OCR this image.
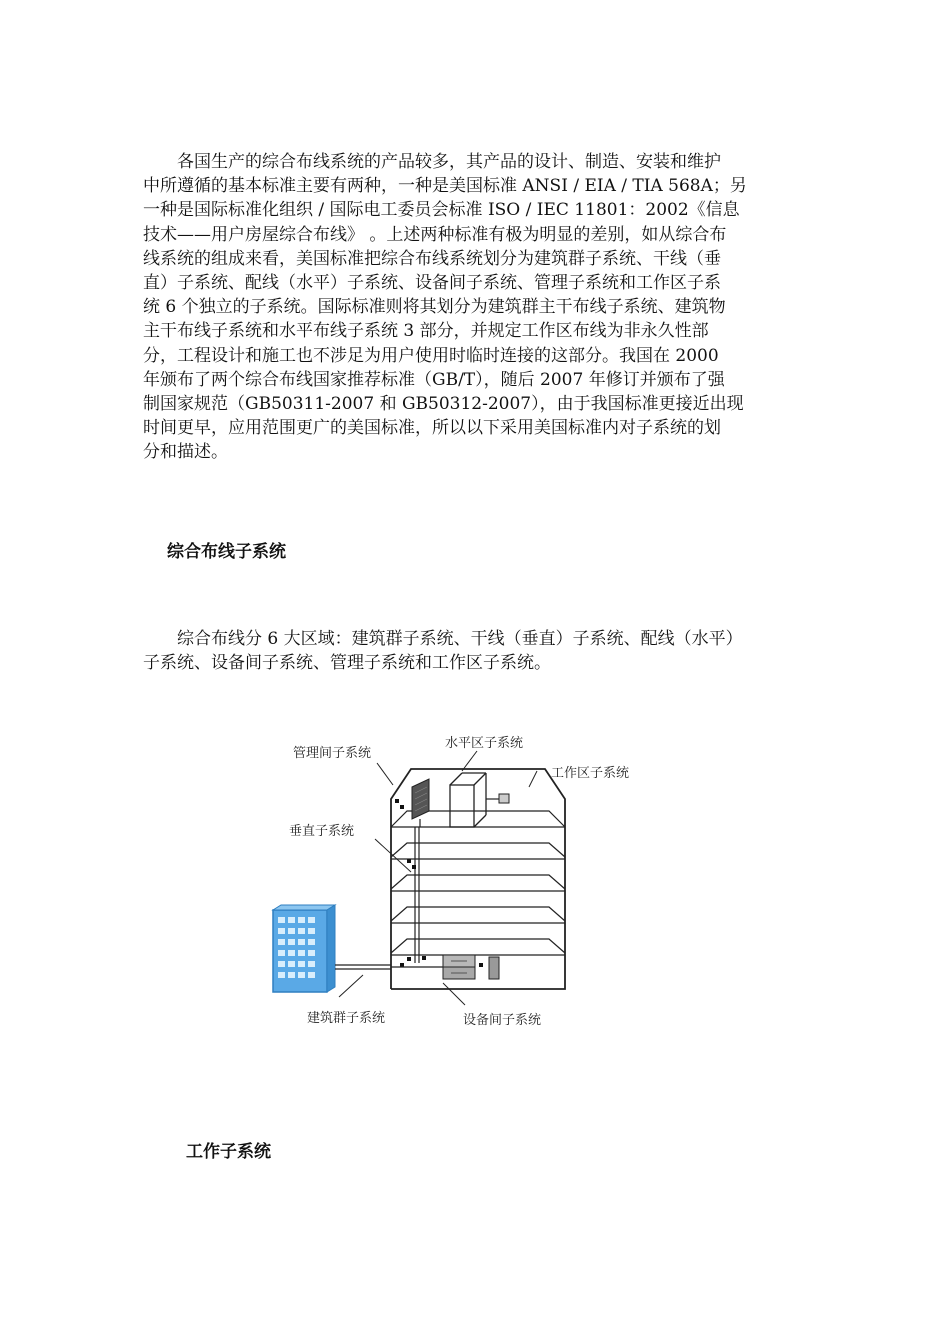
　　各国生产的综合布线系统的产品较多，其产品的设计、制造、安装和维护
中所遵循的基本标准主要有两种，一种是美国标准 ANSI / EIA / TIA 568A；另
一种是国际标准化组织 / 国际电工委员会标准 ISO / IEC 11801：2002《信息
技术——用户房屋综合布线》 。上述两种标准有极为明显的差别，如从综合布
线系统的组成来看，美国标准把综合布线系统划分为建筑群子系统、干线（垂
直）子系统、配线（水平）子系统、设备间子系统、管理子系统和工作区子系
统 6 个独立的子系统。国际标准则将其划分为建筑群主干布线子系统、建筑物
主干布线子系统和水平布线子系统 3 部分，并规定工作区布线为非永久性部
分，工程设计和施工也不涉足为用户使用时临时连接的这部分。我国在 2000
年颁布了两个综合布线国家推荐标准（GB/T），随后 2007 年修订并颁布了强
制国家规范（GB50311-2007 和 GB50312-2007），由于我国标准更接近出现
时间更早，应用范围更广的美国标准，所以以下采用美国标准内对子系统的划
分和描述。
综合布线子系统
　　综合布线分 6 大区域：建筑群子系统、干线（垂直）子系统、配线（水平）
子系统、设备间子系统、管理子系统和工作区子系统。
管理间子系统
水平区子系统
工作区子系统
垂直子系统
建筑群子系统	设备间子系统
工作子系统
